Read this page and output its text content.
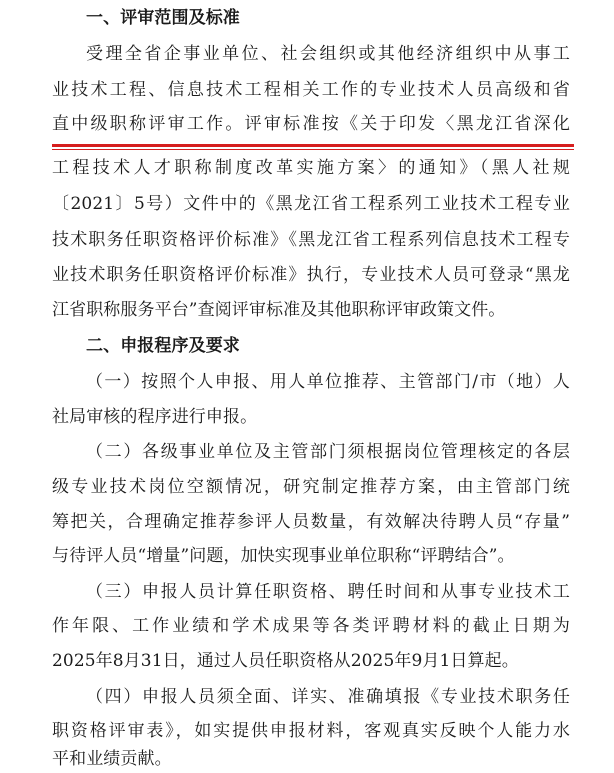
一、评审范围及标准
受理全省企事业单位、社会组织或其他经济组织中从事工
业技术工程、信息技术工程相关工作的专业技术人员高级和省
直中级职称评审工作。评审标准按《关于印发〈黑龙江省深化
工程技术人才职称制度改革实施方案〉的通知》（黑人社规
〔2021〕5号）文件中的《黑龙江省工程系列工业技术工程专业
技术职务任职资格评价标准》《黑龙江省工程系列信息技术工程专
业技术职务任职资格评价标准》执行，专业技术人员可登录“黑龙
江省职称服务平台”查阅评审标准及其他职称评审政策文件。
二、申报程序及要求
（一）按照个人申报、用人单位推荐、主管部门/市（地）人
社局审核的程序进行申报。
（二）各级事业单位及主管部门须根据岗位管理核定的各层
级专业技术岗位空额情况，研究制定推荐方案，由主管部门统
筹把关，合理确定推荐参评人员数量，有效解决待聘人员“存量”
与待评人员“增量”问题，加快实现事业单位职称“评聘结合”。
（三）申报人员计算任职资格、聘任时间和从事专业技术工
作年限、工作业绩和学术成果等各类评聘材料的截止日期为
2025年8月31日，通过人员任职资格从2025年9月1日算起。
（四）申报人员须全面、详实、准确填报《专业技术职务任
职资格评审表》，如实提供申报材料，客观真实反映个人能力水
平和业绩贡献。
